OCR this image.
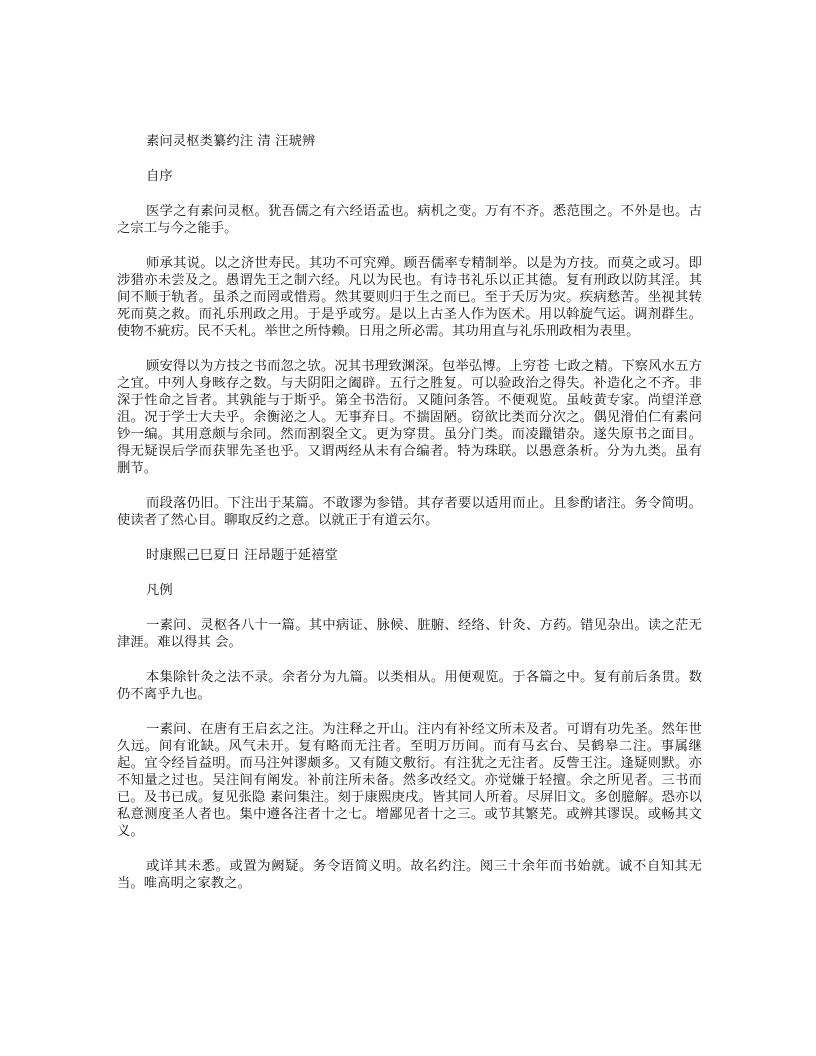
素问灵枢类纂约注 清 汪琥辨

自序

医学之有素问灵枢。犹吾儒之有六经语孟也。病机之变。万有不齐。悉范围之。不外是也。古之宗工与今之能手。

师承其说。以之济世寿民。其功不可究殚。顾吾儒率专精制举。以是为方技。而莫之或习。即涉猎亦未尝及之。愚谓先王之制六经。凡以为民也。有诗书礼乐以正其德。复有刑政以防其淫。其间不顺于轨者。虽杀之而罔或惜焉。然其要则归于生之而已。至于夭厉为灾。疾病愁苦。坐视其转死而莫之救。而礼乐刑政之用。于是乎或穷。是以上古圣人作为医术。用以斡旋气运。调剂群生。使物不疵疠。民不夭札。举世之所恃赖。日用之所必需。其功用直与礼乐刑政相为表里。

顾安得以为方技之书而忽之欤。况其书理致渊深。包举弘博。上穷苍 七政之精。下察风水五方之宜。中列人身畡存之数。与夫阴阳之阖辟。五行之胜复。可以验政治之得失。补造化之不齐。非深于性命之旨者。其孰能与于斯乎。第全书浩衍。又随问条答。不便观览。虽岐黄专家。尚望洋意沮。况于学士大夫乎。余衡泌之人。无事弃日。不揣固陋。窃欲比类而分次之。偶见滑伯仁有素问钞一编。其用意颇与余同。然而割裂全文。更为穿贯。虽分门类。而凌躐错杂。遂失原书之面目。得无疑误后学而获罪先圣也乎。又谓两经从未有合编者。特为珠联。以愚意条析。分为九类。虽有删节。

而段落仍旧。下注出于某篇。不敢谬为参错。其存者要以适用而止。且参酌诸注。务令简明。使读者了然心目。聊取反约之意。以就正于有道云尔。

时康熙己巳夏日 汪昂题于延禧堂

凡例

一素问、灵枢各八十一篇。其中病证、脉候、脏腑、经络、针灸、方药。错见杂出。读之茫无津涯。难以得其 会。

本集除针灸之法不录。余者分为九篇。以类相从。用便观览。于各篇之中。复有前后条贯。数仍不离乎九也。

一素问、在唐有王启玄之注。为注释之开山。注内有补经文所未及者。可谓有功先圣。然年世久远。间有讹缺。风气未开。复有略而无注者。至明万历间。而有马玄台、吴鹤皋二注。事属继起。宜令经旨益明。而马注舛谬颇多。又有随文敷衍。有注犹之无注者。反訾王注。逢疑则默。亦不知量之过也。吴注间有阐发。补前注所未备。然多改经文。亦觉嫌于轻擅。余之所见者。三书而已。及书已成。复见张隐 素问集注。刻于康熙庚戌。皆其同人所着。尽屏旧文。多创臆解。恐亦以私意测度圣人者也。集中遵各注者十之七。增鄙见者十之三。或节其繁芜。或辨其谬误。或畅其文义。

或详其未悉。或置为阙疑。务令语简义明。故名约注。阅三十余年而书始就。诚不自知其无当。唯高明之家教之。
